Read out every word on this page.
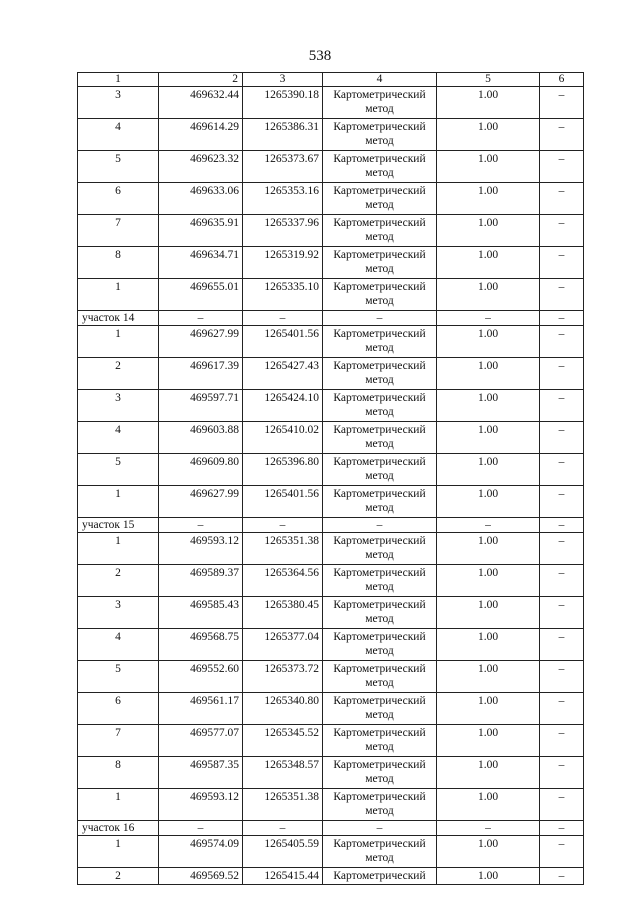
538
1	2	3	4	5	6
3	469632.44	1265390.18	Картометрический метод	1.00	–
4	469614.29	1265386.31	Картометрический метод	1.00	–
5	469623.32	1265373.67	Картометрический метод	1.00	–
6	469633.06	1265353.16	Картометрический метод	1.00	–
7	469635.91	1265337.96	Картометрический метод	1.00	–
8	469634.71	1265319.92	Картометрический метод	1.00	–
1	469655.01	1265335.10	Картометрический метод	1.00	–
участок 14	–	–	–	–	–
1	469627.99	1265401.56	Картометрический метод	1.00	–
2	469617.39	1265427.43	Картометрический метод	1.00	–
3	469597.71	1265424.10	Картометрический метод	1.00	–
4	469603.88	1265410.02	Картометрический метод	1.00	–
5	469609.80	1265396.80	Картометрический метод	1.00	–
1	469627.99	1265401.56	Картометрический метод	1.00	–
участок 15	–	–	–	–	–
1	469593.12	1265351.38	Картометрический метод	1.00	–
2	469589.37	1265364.56	Картометрический метод	1.00	–
3	469585.43	1265380.45	Картометрический метод	1.00	–
4	469568.75	1265377.04	Картометрический метод	1.00	–
5	469552.60	1265373.72	Картометрический метод	1.00	–
6	469561.17	1265340.80	Картометрический метод	1.00	–
7	469577.07	1265345.52	Картометрический метод	1.00	–
8	469587.35	1265348.57	Картометрический метод	1.00	–
1	469593.12	1265351.38	Картометрический метод	1.00	–
участок 16	–	–	–	–	–
1	469574.09	1265405.59	Картометрический метод	1.00	–
2	469569.52	1265415.44	Картометрический	1.00	–
